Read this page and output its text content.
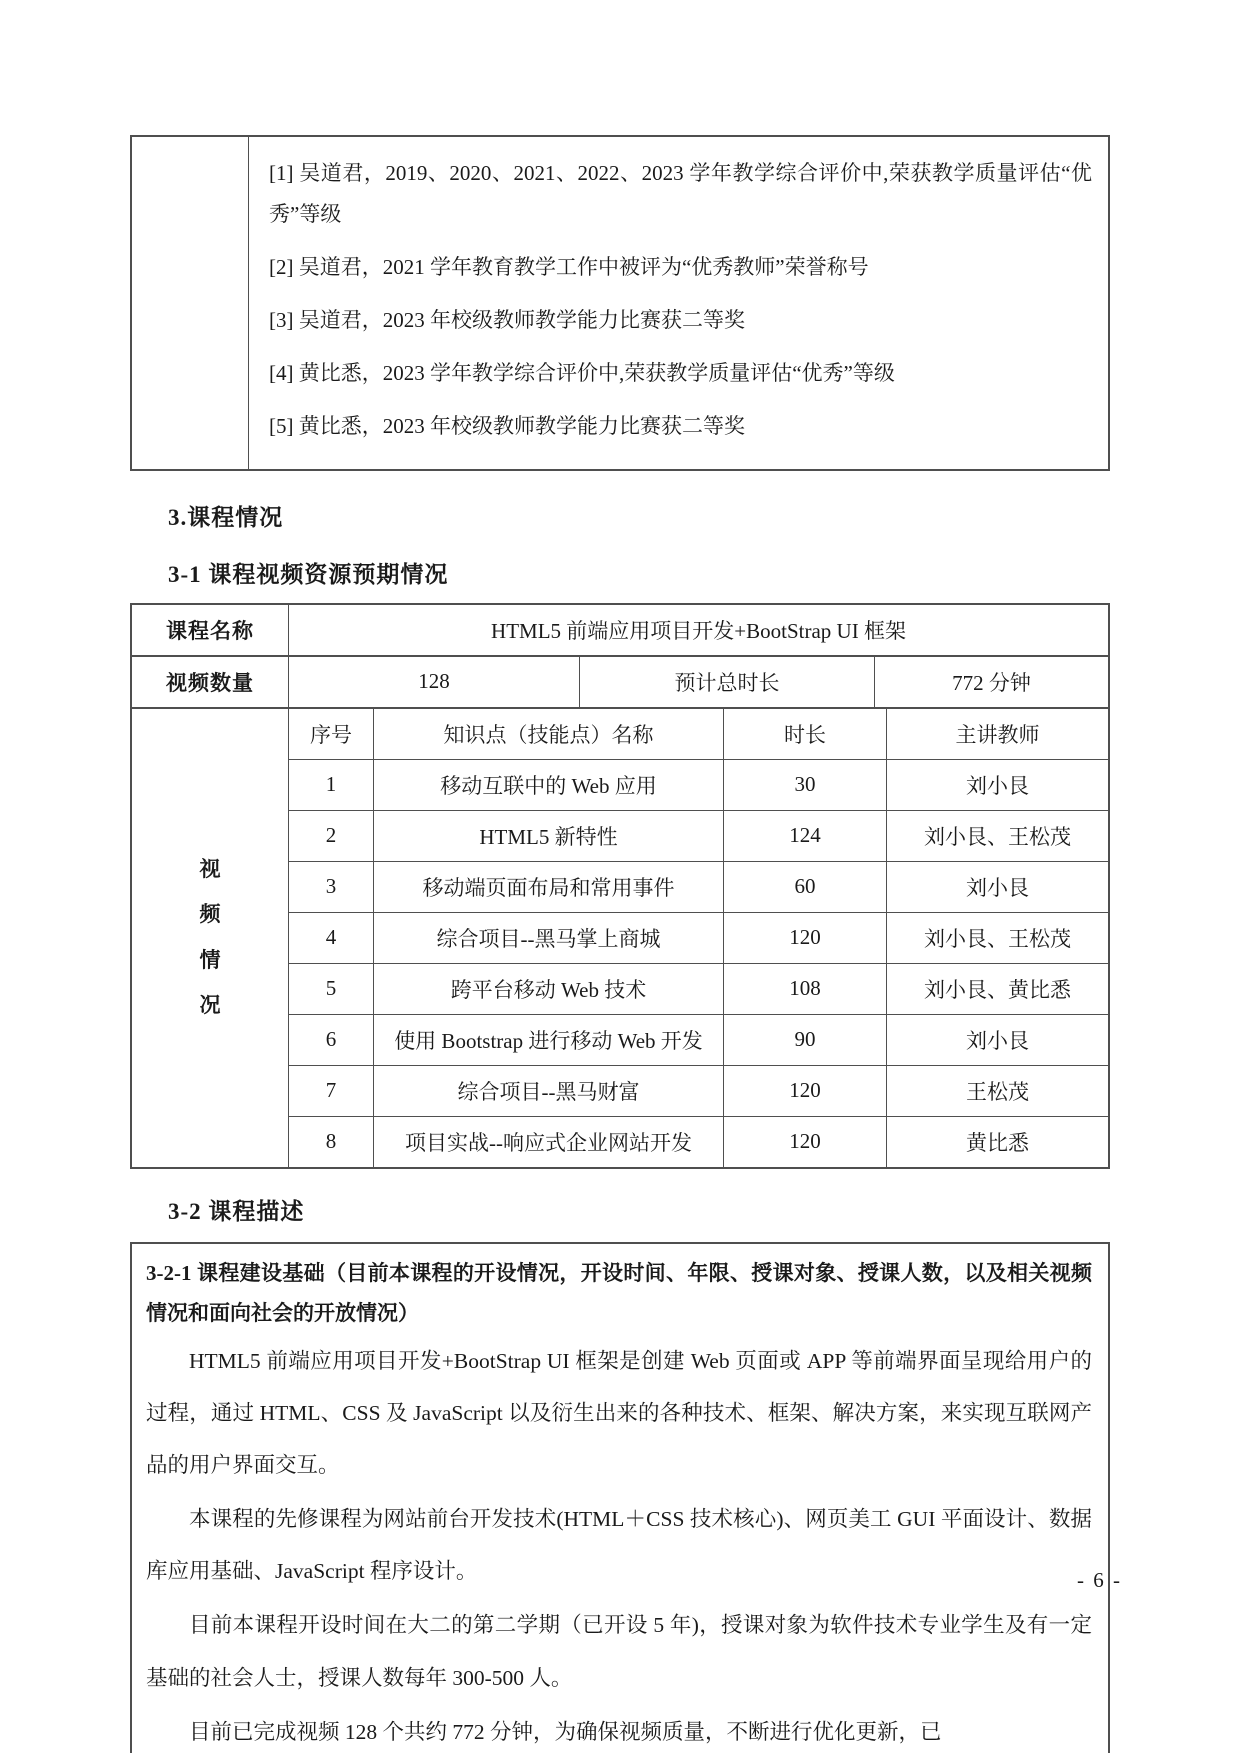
[1] 吴道君，2019、2020、2021、2022、2023 学年教学综合评价中,荣获教学质量评估“优秀”等级

[2] 吴道君，2021 学年教育教学工作中被评为“优秀教师”荣誉称号

[3] 吴道君，2023 年校级教师教学能力比赛获二等奖

[4] 黄比悉，2023 学年教学综合评价中,荣获教学质量评估“优秀”等级

[5] 黄比悉，2023 年校级教师教学能力比赛获二等奖

3.课程情况
3-1 课程视频资源预期情况
课程名称	HTML5 前端应用项目开发+BootStrap UI 框架
视频数量	128	预计总时长	772 分钟
视频情况	序号	知识点（技能点）名称	时长	主讲教师
	1	移动互联中的 Web 应用	30	刘小艮
	2	HTML5 新特性	124	刘小艮、王松茂
	3	移动端页面布局和常用事件	60	刘小艮
	4	综合项目--黑马掌上商城	120	刘小艮、王松茂
	5	跨平台移动 Web 技术	108	刘小艮、黄比悉
	6	使用 Bootstrap 进行移动 Web 开发	90	刘小艮
	7	综合项目--黑马财富	120	王松茂
	8	项目实战--响应式企业网站开发	120	黄比悉
3-2 课程描述

3-2-1 课程建设基础（目前本课程的开设情况，开设时间、年限、授课对象、授课人数，以及相关视频情况和面向社会的开放情况）

HTML5 前端应用项目开发+BootStrap UI 框架是创建 Web 页面或 APP 等前端界面呈现给用户的过程，通过 HTML、CSS 及 JavaScript 以及衍生出来的各种技术、框架、解决方案，来实现互联网产品的用户界面交互。

本课程的先修课程为网站前台开发技术(HTML＋CSS 技术核心)、网页美工 GUI 平面设计、数据库应用基础、JavaScript 程序设计。

目前本课程开设时间在大二的第二学期（已开设 5 年)，授课对象为软件技术专业学生及有一定基础的社会人士，授课人数每年 300-500 人。

目前已完成视频 128 个共约 772 分钟，为确保视频质量，不断进行优化更新，已

- 6 -
